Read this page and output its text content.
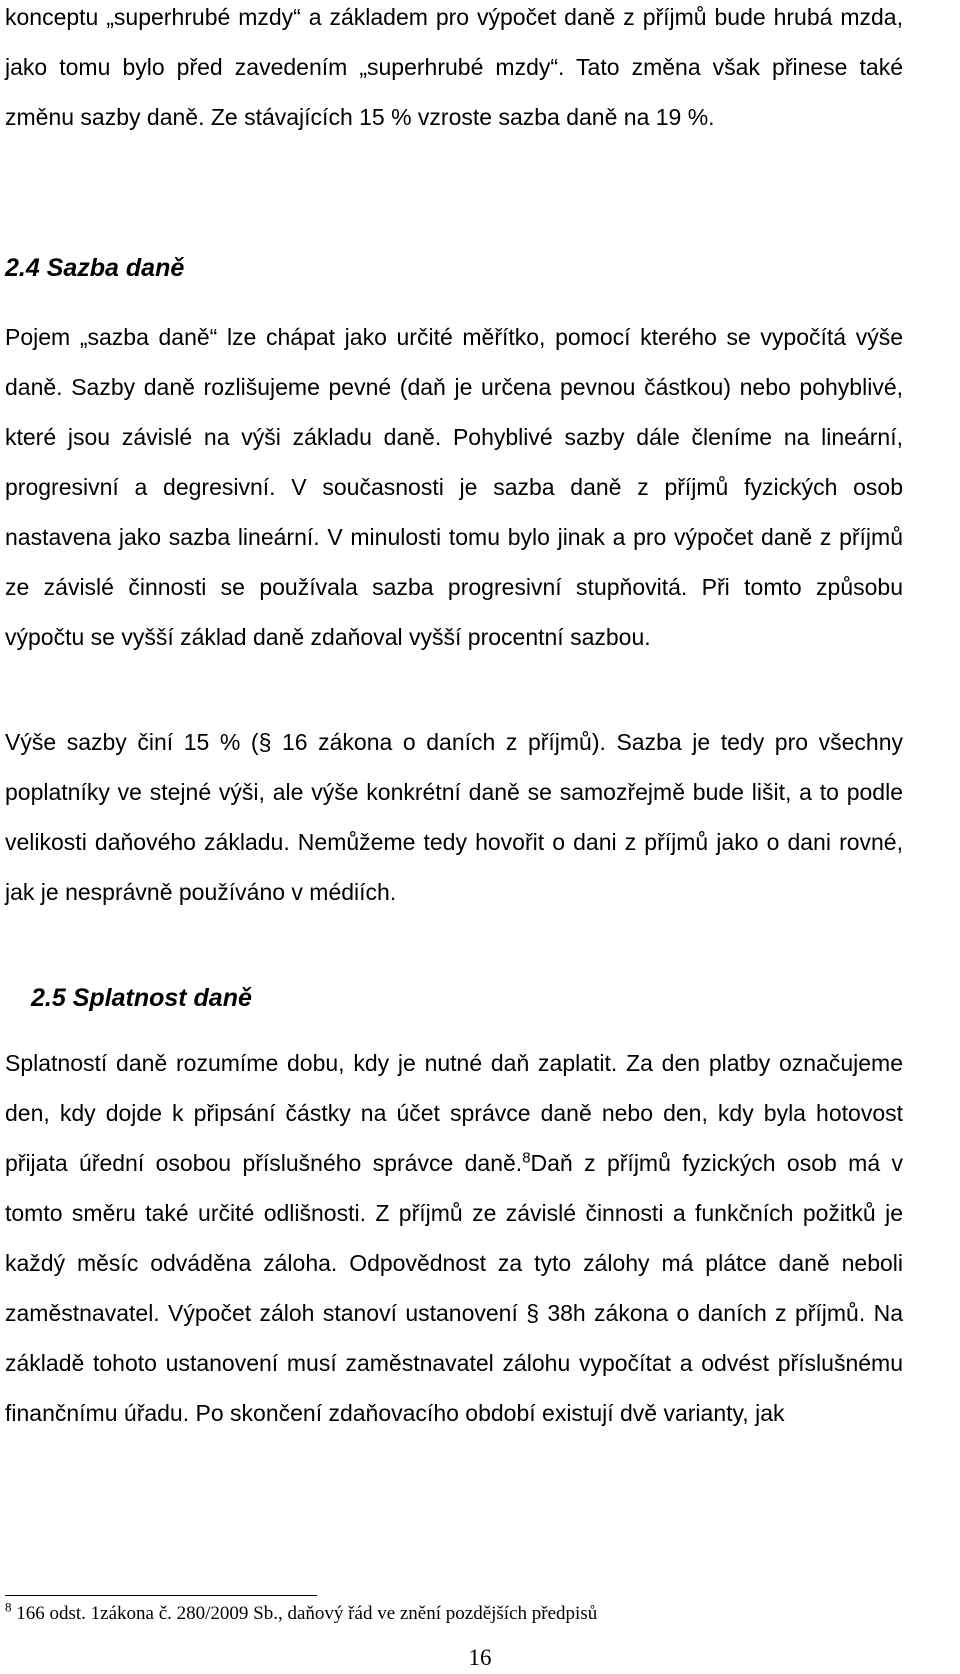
konceptu „superhrubé mzdy“ a základem pro výpočet daně z příjmů bude hrubá mzda, jako tomu bylo před zavedením „superhrubé mzdy“. Tato změna však přinese také změnu sazby daně. Ze stávajících 15 % vzroste sazba daně na 19 %.

2.4 Sazba daně

Pojem „sazba daně“ lze chápat jako určité měřítko, pomocí kterého se vypočítá výše daně. Sazby daně rozlišujeme pevné (daň je určena pevnou částkou) nebo pohyblivé, které jsou závislé na výši základu daně. Pohyblivé sazby dále členíme na lineární, progresivní a degresivní. V současnosti je sazba daně z příjmů fyzických osob nastavena jako sazba lineární. V minulosti tomu bylo jinak a pro výpočet daně z příjmů ze závislé činnosti se používala sazba progresivní stupňovitá. Při tomto způsobu výpočtu se vyšší základ daně zdaňoval vyšší procentní sazbou.

Výše sazby činí 15 % (§ 16 zákona o daních z příjmů). Sazba je tedy pro všechny poplatníky ve stejné výši, ale výše konkrétní daně se samozřejmě bude lišit, a to podle velikosti daňového základu. Nemůžeme tedy hovořit o dani z příjmů jako o dani rovné, jak je nesprávně používáno v médiích.

2.5 Splatnost daně

Splatností daně rozumíme dobu, kdy je nutné daň zaplatit. Za den platby označujeme den, kdy dojde k připsání částky na účet správce daně nebo den, kdy byla hotovost přijata úřední osobou příslušného správce daně.$^8$Daň z příjmů fyzických osob má v tomto směru také určité odlišnosti. Z příjmů ze závislé činnosti a funkčních požitků je každý měsíc odváděna záloha. Odpovědnost za tyto zálohy má plátce daně neboli zaměstnavatel. Výpočet záloh stanoví ustanovení § 38h zákona o daních z příjmů. Na základě tohoto ustanovení musí zaměstnavatel zálohu vypočítat a odvést příslušnému finančnímu úřadu. Po skončení zdaňovacího období existují dvě varianty, jak

$^8$ 166 odst. 1zákona č. 280/2009 Sb., daňový řád ve znění pozdějších předpisů

16
